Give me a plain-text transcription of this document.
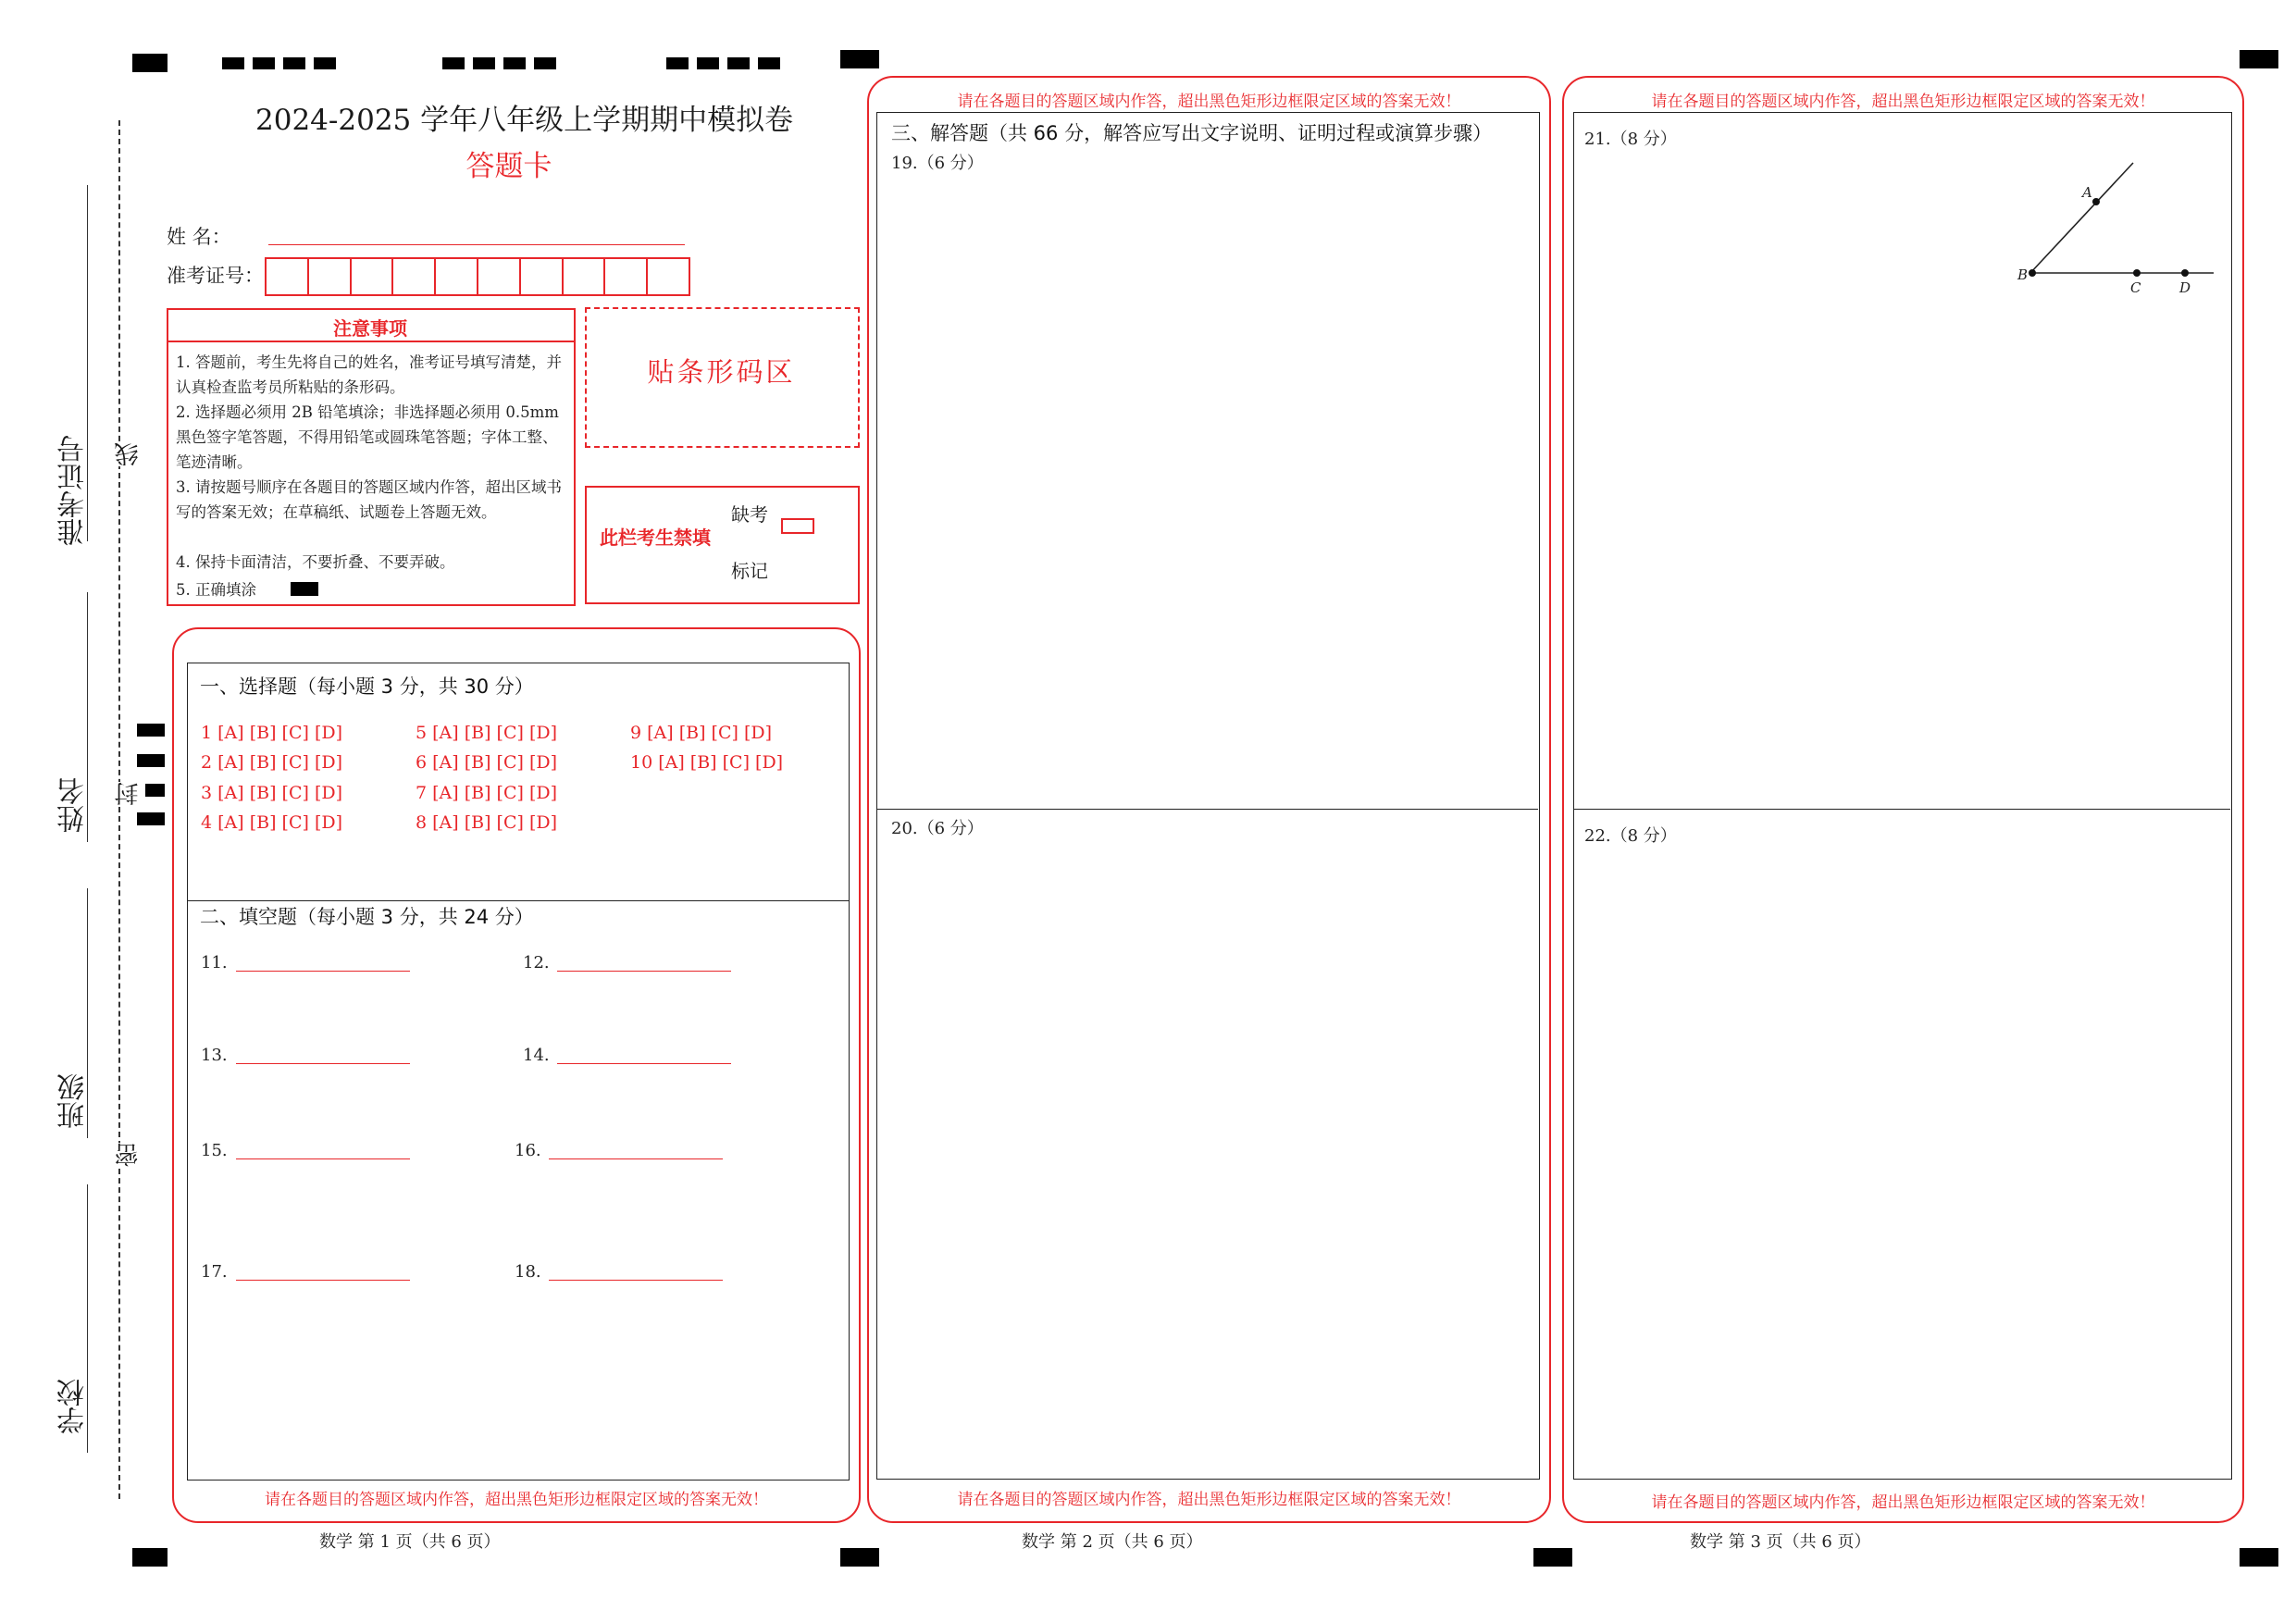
准考证号
姓名
班级
学校
线
封
密
2024-2025 学年八年级上学期期中模拟卷
答题卡
姓 名：
准考证号：
注意事项
1. 答题前，考生先将自己的姓名，准考证号填写清楚，并认真检查监考员所粘贴的条形码。
2. 选择题必须用 2B 铅笔填涂；非选择题必须用 0.5mm 黑色签字笔答题，不得用铅笔或圆珠笔答题；字体工整、笔迹清晰。
3. 请按题号顺序在各题目的答题区域内作答，超出区域书写的答案无效；在草稿纸、试题卷上答题无效。
4. 保持卡面清洁，不要折叠、不要弄破。
5. 正确填涂
贴条形码区
此栏考生禁填
缺考
标记
一、选择题（每小题 3 分，共 30 分）
1 [A] [B] [C] [D]
2 [A] [B] [C] [D]
3 [A] [B] [C] [D]
4 [A] [B] [C] [D]
5 [A] [B] [C] [D]
6 [A] [B] [C] [D]
7 [A] [B] [C] [D]
8 [A] [B] [C] [D]
9 [A] [B] [C] [D]
10 [A] [B] [C] [D]
二、填空题（每小题 3 分，共 24 分）
11.	12.
13.	14.
15.	16.
17.	18.
请在各题目的答题区域内作答，超出黑色矩形边框限定区域的答案无效！
数学 第 1 页（共 6 页）
请在各题目的答题区域内作答，超出黑色矩形边框限定区域的答案无效！
三、解答题（共 66 分，解答应写出文字说明、证明过程或演算步骤）
19.（6 分）
20.（6 分）
请在各题目的答题区域内作答，超出黑色矩形边框限定区域的答案无效！
数学 第 2 页（共 6 页）
请在各题目的答题区域内作答，超出黑色矩形边框限定区域的答案无效！
21.（8 分）
22.（8 分）
A
B
C	D
请在各题目的答题区域内作答，超出黑色矩形边框限定区域的答案无效！
数学 第 3 页（共 6 页）
